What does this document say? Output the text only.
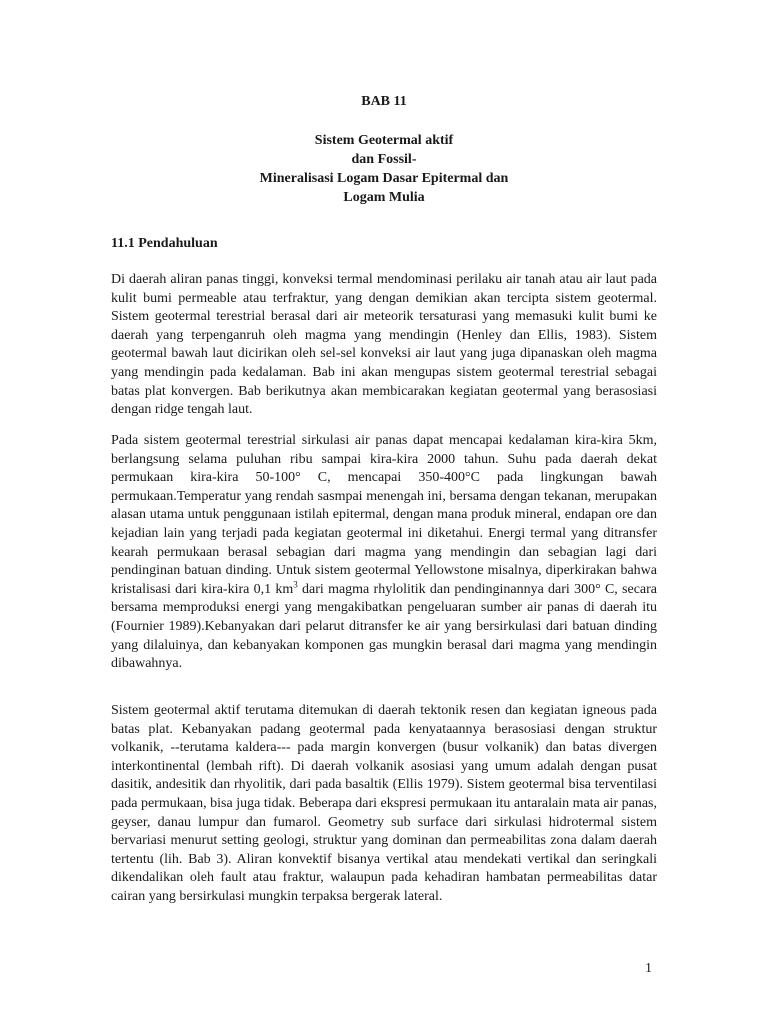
BAB 11
Sistem Geotermal aktif
dan Fossil-
Mineralisasi Logam Dasar Epitermal dan
Logam Mulia
11.1 Pendahuluan

Di daerah aliran panas tinggi, konveksi termal mendominasi perilaku air tanah atau air laut pada kulit bumi permeable atau terfraktur, yang dengan demikian akan tercipta sistem geotermal. Sistem geotermal terestrial berasal dari air meteorik tersaturasi yang memasuki kulit bumi ke daerah yang terpenganruh oleh magma yang mendingin (Henley dan Ellis, 1983). Sistem geotermal bawah laut dicirikan oleh sel-sel konveksi air laut yang juga dipanaskan oleh magma yang mendingin pada kedalaman. Bab ini akan mengupas sistem geotermal terestrial sebagai batas plat konvergen. Bab berikutnya akan membicarakan kegiatan geotermal yang berasosiasi dengan ridge tengah laut.

Pada sistem geotermal terestrial sirkulasi air panas dapat mencapai kedalaman kira-kira 5km, berlangsung selama puluhan ribu sampai kira-kira 2000 tahun. Suhu pada daerah dekat permukaan kira-kira 50-100° C, mencapai 350-400°C pada lingkungan bawah permukaan.Temperatur yang rendah sasmpai menengah ini, bersama dengan tekanan, merupakan alasan utama untuk penggunaan istilah epitermal, dengan mana produk mineral, endapan ore dan kejadian lain yang terjadi pada kegiatan geotermal ini diketahui. Energi termal yang ditransfer kearah permukaan berasal sebagian dari magma yang mendingin dan sebagian lagi dari pendinginan batuan dinding. Untuk sistem geotermal Yellowstone misalnya, diperkirakan bahwa kristalisasi dari kira-kira 0,1 $km^3$ dari magma rhylolitik dan pendinginannya dari 300° C, secara bersama memproduksi energi yang mengakibatkan pengeluaran sumber air panas di daerah itu (Fournier 1989).Kebanyakan dari pelarut ditransfer ke air yang bersirkulasi dari batuan dinding yang dilaluinya, dan kebanyakan komponen gas mungkin berasal dari magma yang mendingin dibawahnya.

Sistem geotermal aktif terutama ditemukan di daerah tektonik resen dan kegiatan igneous pada batas plat. Kebanyakan padang geotermal pada kenyataannya berasosiasi dengan struktur volkanik, --terutama kaldera--- pada margin konvergen (busur volkanik) dan batas divergen interkontinental (lembah rift). Di daerah volkanik asosiasi yang umum adalah dengan pusat dasitik, andesitik dan rhyolitik, dari pada basaltik (Ellis 1979). Sistem geotermal bisa terventilasi pada permukaan, bisa juga tidak. Beberapa dari ekspresi permukaan itu antaralain mata air panas, geyser, danau lumpur dan fumarol. Geometry sub surface dari sirkulasi hidrotermal sistem bervariasi menurut setting geologi, struktur yang dominan dan permeabilitas zona dalam daerah tertentu (lih. Bab 3). Aliran konvektif bisanya vertikal atau mendekati vertikal dan seringkali dikendalikan oleh fault atau fraktur, walaupun pada kehadiran hambatan permeabilitas datar cairan yang bersirkulasi mungkin terpaksa bergerak lateral.

1
